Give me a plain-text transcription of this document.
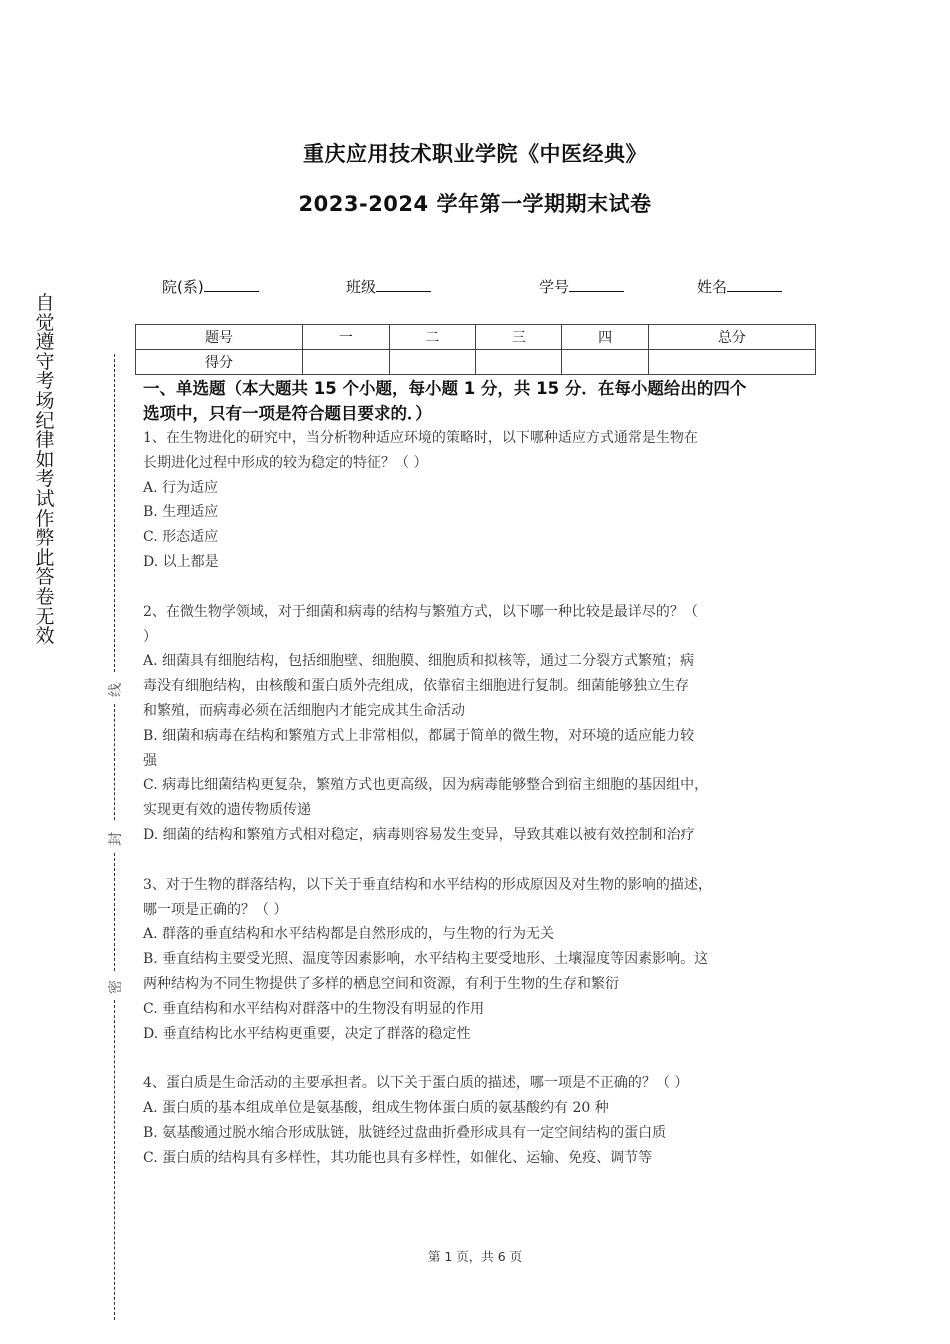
重庆应用技术职业学院《中医经典》
2023-2024 学年第一学期期末试卷
院(系)	班级	学号	姓名
题号	一	二	三	四	总分
得分					
自
觉
遵
守
考
场
纪
律
如
考
试
作
弊
此
答
卷
无
效
线
封
密
一、单选题（本大题共 15 个小题，每小题 1 分，共 15 分．在每小题给出的四个
选项中，只有一项是符合题目要求的．）

1、在生物进化的研究中，当分析物种适应环境的策略时，以下哪种适应方式通常是生物在

长期进化过程中形成的较为稳定的特征？（ ）

A. 行为适应

B. 生理适应

C. 形态适应

D. 以上都是

2、在微生物学领域，对于细菌和病毒的结构与繁殖方式，以下哪一种比较是最详尽的？（

）

A. 细菌具有细胞结构，包括细胞壁、细胞膜、细胞质和拟核等，通过二分裂方式繁殖；病

毒没有细胞结构，由核酸和蛋白质外壳组成，依靠宿主细胞进行复制。细菌能够独立生存

和繁殖，而病毒必须在活细胞内才能完成其生命活动

B. 细菌和病毒在结构和繁殖方式上非常相似，都属于简单的微生物，对环境的适应能力较

强

C. 病毒比细菌结构更复杂，繁殖方式也更高级，因为病毒能够整合到宿主细胞的基因组中，

实现更有效的遗传物质传递

D. 细菌的结构和繁殖方式相对稳定，病毒则容易发生变异，导致其难以被有效控制和治疗

3、对于生物的群落结构，以下关于垂直结构和水平结构的形成原因及对生物的影响的描述，

哪一项是正确的？（ ）

A. 群落的垂直结构和水平结构都是自然形成的，与生物的行为无关

B. 垂直结构主要受光照、温度等因素影响，水平结构主要受地形、土壤湿度等因素影响。这

两种结构为不同生物提供了多样的栖息空间和资源，有利于生物的生存和繁衍

C. 垂直结构和水平结构对群落中的生物没有明显的作用

D. 垂直结构比水平结构更重要，决定了群落的稳定性

4、蛋白质是生命活动的主要承担者。以下关于蛋白质的描述，哪一项是不正确的？（ ）

A. 蛋白质的基本组成单位是氨基酸，组成生物体蛋白质的氨基酸约有 20 种

B. 氨基酸通过脱水缩合形成肽链，肽链经过盘曲折叠形成具有一定空间结构的蛋白质

C. 蛋白质的结构具有多样性，其功能也具有多样性，如催化、运输、免疫、调节等

第 1 页，共 6 页
